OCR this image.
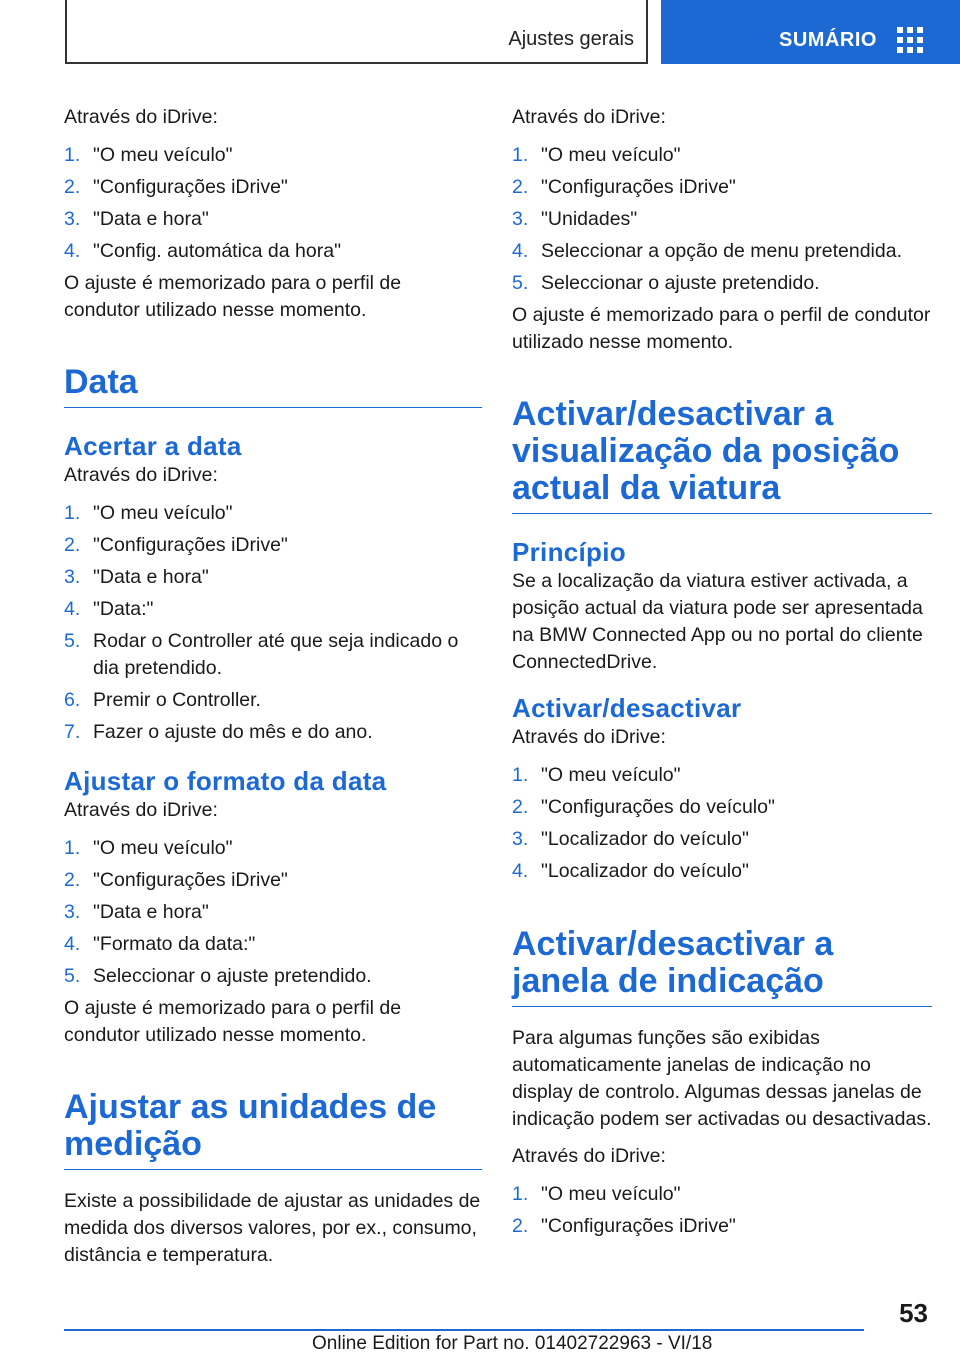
Ajustes gerais	SUMÁRIO

Através do iDrive:

1. "O meu veículo"
2. "Configurações iDrive"
3. "Data e hora"
4. "Config. automática da hora"

O ajuste é memorizado para o perfil de condutor utilizado nesse momento.

Data
Acertar a data

Através do iDrive:

1. "O meu veículo"
2. "Configurações iDrive"
3. "Data e hora"
4. "Data:"
5. Rodar o Controller até que seja indicado o dia pretendido.
6. Premir o Controller.
7. Fazer o ajuste do mês e do ano.
Ajustar o formato da data

Através do iDrive:

1. "O meu veículo"
2. "Configurações iDrive"
3. "Data e hora"
4. "Formato da data:"
5. Seleccionar o ajuste pretendido.

O ajuste é memorizado para o perfil de condutor utilizado nesse momento.

Ajustar as unidades de medição

Existe a possibilidade de ajustar as unidades de medida dos diversos valores, por ex., consumo, distância e temperatura.

Através do iDrive:

1. "O meu veículo"
2. "Configurações iDrive"
3. "Unidades"
4. Seleccionar a opção de menu pretendida.
5. Seleccionar o ajuste pretendido.

O ajuste é memorizado para o perfil de condutor utilizado nesse momento.

Activar/desactivar a visualização da posição actual da viatura
Princípio

Se a localização da viatura estiver activada, a posição actual da viatura pode ser apresentada na BMW Connected App ou no portal do cliente ConnectedDrive.

Activar/desactivar

Através do iDrive:

1. "O meu veículo"
2. "Configurações do veículo"
3. "Localizador do veículo"
4. "Localizador do veículo"
Activar/desactivar a janela de indicação

Para algumas funções são exibidas automaticamente janelas de indicação no display de controlo. Algumas dessas janelas de indicação podem ser activadas ou desactivadas.

Através do iDrive:

1. "O meu veículo"
2. "Configurações iDrive"
53
Online Edition for Part no. 01402722963 - VI/18
